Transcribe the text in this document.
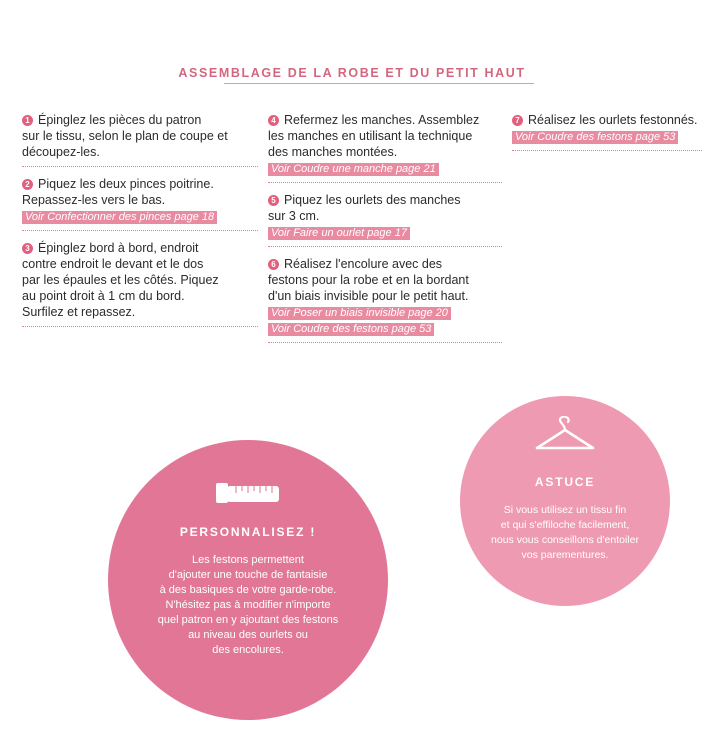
ASSEMBLAGE DE LA ROBE ET DU PETIT HAUT
1 Épinglez les pièces du patron
sur le tissu, selon le plan de coupe et
découpez-les.
2 Piquez les deux pinces poitrine.
Repassez-les vers le bas.
Voir Confectionner des pinces page 18
3 Épinglez bord à bord, endroit
contre endroit le devant et le dos
par les épaules et les côtés. Piquez
au point droit à 1 cm du bord.
Surfilez et repassez.
4 Refermez les manches. Assemblez
les manches en utilisant la technique
des manches montées.
Voir Coudre une manche page 21
5 Piquez les ourlets des manches
sur 3 cm.
Voir Faire un ourlet page 17
6 Réalisez l'encolure avec des
festons pour la robe et en la bordant
d'un biais invisible pour le petit haut.
Voir Poser un biais invisible page 20
Voir Coudre des festons page 53
7 Réalisez les ourlets festonnés.
Voir Coudre des festons page 53
PERSONNALISEZ !
Les festons permettent
d'ajouter une touche de fantaisie
à des basiques de votre garde-robe.
N'hésitez pas à modifier n'importe
quel patron en y ajoutant des festons
au niveau des ourlets ou
des encolures.
ASTUCE
Si vous utilisez un tissu fin
et qui s'effiloche facilement,
nous vous conseillons d'entoiler
vos parementures.
